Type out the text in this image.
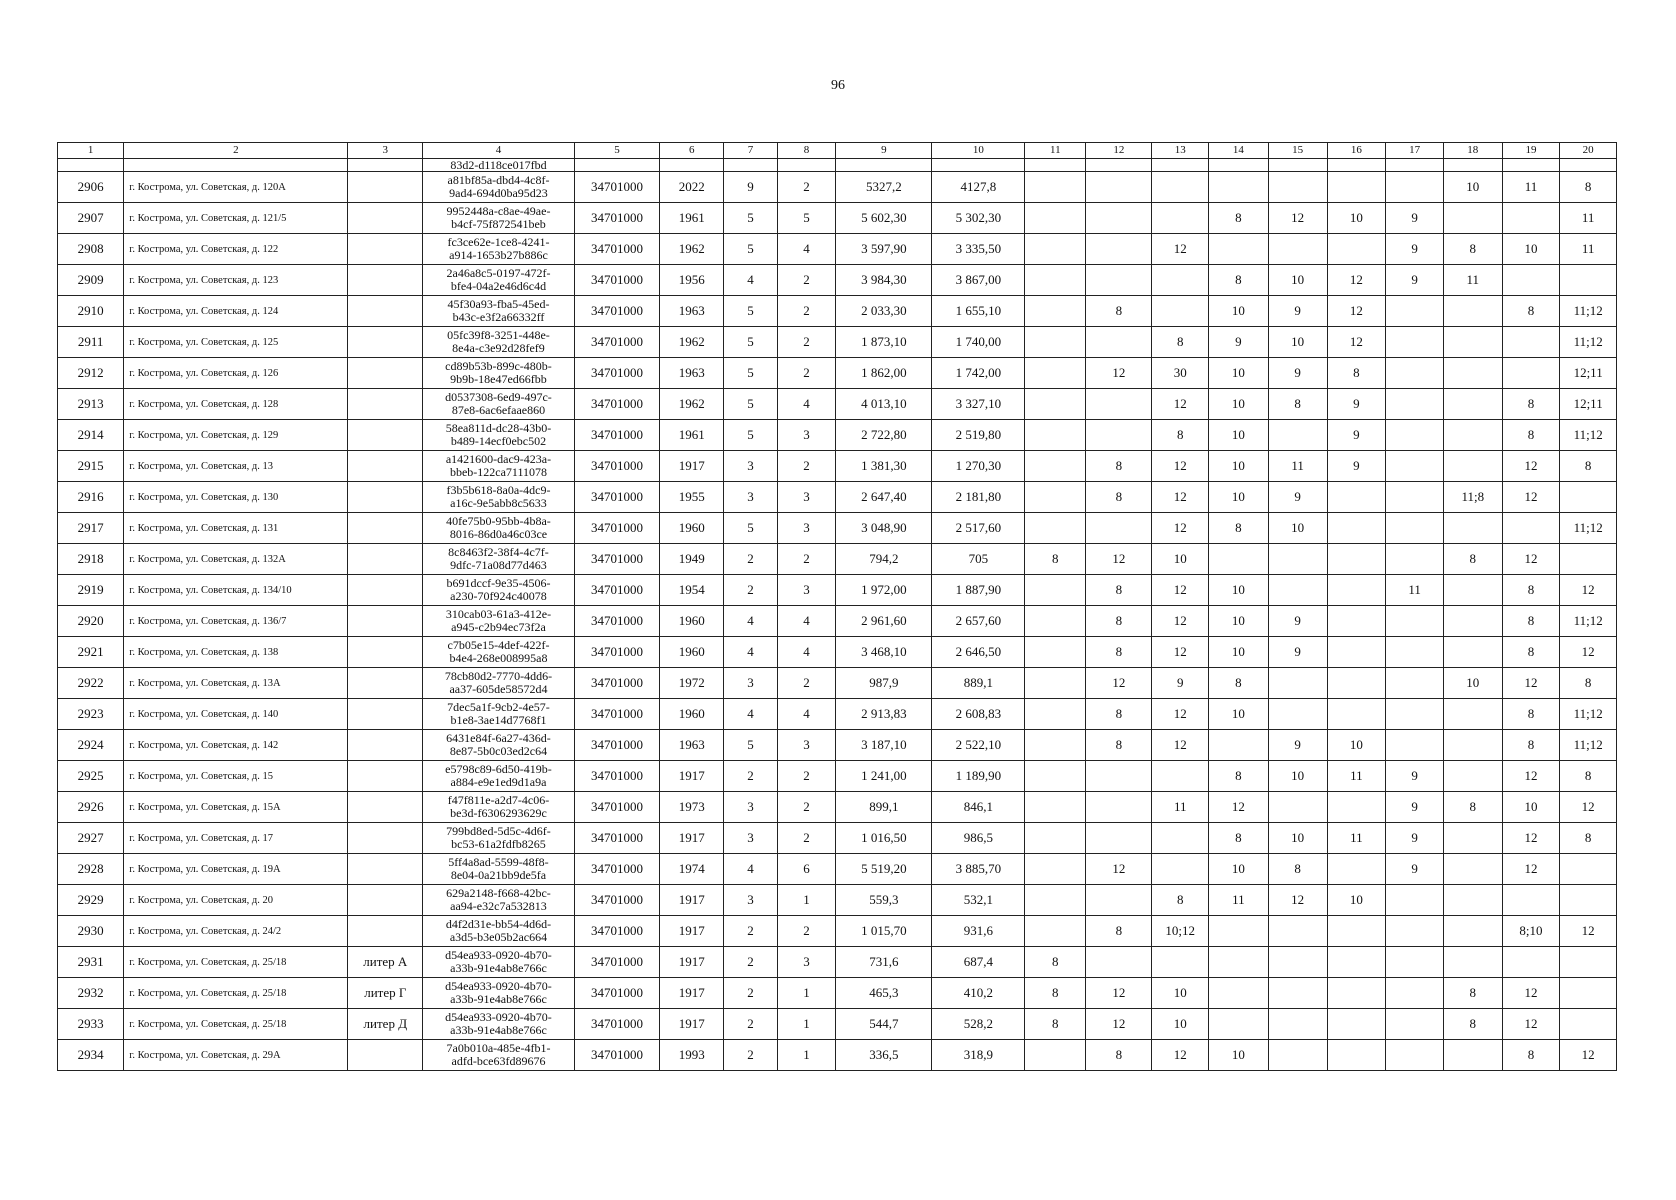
96
1	2	3	4	5	6	7	8	9	10	11	12	13	14	15	16	17	18	19	20
			83d2-d118ce017fbd																
2906	г. Кострома, ул. Советская, д. 120А		a81bf85a-dbd4-4c8f-
9ad4-694d0ba95d23	34701000	2022	9	2	5327,2	4127,8								10	11	8
2907	г. Кострома, ул. Советская, д. 121/5		9952448a-c8ae-49ae-
b4cf-75f872541beb	34701000	1961	5	5	5 602,30	5 302,30				8	12	10	9			11
2908	г. Кострома, ул. Советская, д. 122		fc3ce62e-1ce8-4241-
a914-1653b27b886c	34701000	1962	5	4	3 597,90	3 335,50			12				9	8	10	11
2909	г. Кострома, ул. Советская, д. 123		2a46a8c5-0197-472f-
bfe4-04a2e46d6c4d	34701000	1956	4	2	3 984,30	3 867,00				8	10	12	9	11		
2910	г. Кострома, ул. Советская, д. 124		45f30a93-fba5-45ed-
b43c-e3f2a66332ff	34701000	1963	5	2	2 033,30	1 655,10		8		10	9	12			8	11;12
2911	г. Кострома, ул. Советская, д. 125		05fc39f8-3251-448e-
8e4a-c3e92d28fef9	34701000	1962	5	2	1 873,10	1 740,00			8	9	10	12				11;12
2912	г. Кострома, ул. Советская, д. 126		cd89b53b-899c-480b-
9b9b-18e47ed66fbb	34701000	1963	5	2	1 862,00	1 742,00		12	30	10	9	8				12;11
2913	г. Кострома, ул. Советская, д. 128		d0537308-6ed9-497c-
87e8-6ac6efaae860	34701000	1962	5	4	4 013,10	3 327,10			12	10	8	9			8	12;11
2914	г. Кострома, ул. Советская, д. 129		58ea811d-dc28-43b0-
b489-14ecf0ebc502	34701000	1961	5	3	2 722,80	2 519,80			8	10		9			8	11;12
2915	г. Кострома, ул. Советская, д. 13		a1421600-dac9-423a-
bbeb-122ca7111078	34701000	1917	3	2	1 381,30	1 270,30		8	12	10	11	9			12	8
2916	г. Кострома, ул. Советская, д. 130		f3b5b618-8a0a-4dc9-
a16c-9e5abb8c5633	34701000	1955	3	3	2 647,40	2 181,80		8	12	10	9			11;8	12	
2917	г. Кострома, ул. Советская, д. 131		40fe75b0-95bb-4b8a-
8016-86d0a46c03ce	34701000	1960	5	3	3 048,90	2 517,60			12	8	10					11;12
2918	г. Кострома, ул. Советская, д. 132А		8c8463f2-38f4-4c7f-
9dfc-71a08d77d463	34701000	1949	2	2	794,2	705	8	12	10					8	12	
2919	г. Кострома, ул. Советская, д. 134/10		b691dccf-9e35-4506-
a230-70f924c40078	34701000	1954	2	3	1 972,00	1 887,90		8	12	10			11		8	12
2920	г. Кострома, ул. Советская, д. 136/7		310cab03-61a3-412e-
a945-c2b94ec73f2a	34701000	1960	4	4	2 961,60	2 657,60		8	12	10	9				8	11;12
2921	г. Кострома, ул. Советская, д. 138		c7b05e15-4def-422f-
b4e4-268e008995a8	34701000	1960	4	4	3 468,10	2 646,50		8	12	10	9				8	12
2922	г. Кострома, ул. Советская, д. 13А		78cb80d2-7770-4dd6-
aa37-605de58572d4	34701000	1972	3	2	987,9	889,1		12	9	8				10	12	8
2923	г. Кострома, ул. Советская, д. 140		7dec5a1f-9cb2-4e57-
b1e8-3ae14d7768f1	34701000	1960	4	4	2 913,83	2 608,83		8	12	10					8	11;12
2924	г. Кострома, ул. Советская, д. 142		6431e84f-6a27-436d-
8e87-5b0c03ed2c64	34701000	1963	5	3	3 187,10	2 522,10		8	12		9	10			8	11;12
2925	г. Кострома, ул. Советская, д. 15		e5798c89-6d50-419b-
a884-e9e1ed9d1a9a	34701000	1917	2	2	1 241,00	1 189,90				8	10	11	9		12	8
2926	г. Кострома, ул. Советская, д. 15А		f47f811e-a2d7-4c06-
be3d-f6306293629c	34701000	1973	3	2	899,1	846,1			11	12			9	8	10	12
2927	г. Кострома, ул. Советская, д. 17		799bd8ed-5d5c-4d6f-
bc53-61a2fdfb8265	34701000	1917	3	2	1 016,50	986,5				8	10	11	9		12	8
2928	г. Кострома, ул. Советская, д. 19А		5ff4a8ad-5599-48f8-
8e04-0a21bb9de5fa	34701000	1974	4	6	5 519,20	3 885,70		12		10	8		9		12	
2929	г. Кострома, ул. Советская, д. 20		629a2148-f668-42bc-
aa94-e32c7a532813	34701000	1917	3	1	559,3	532,1			8	11	12	10				
2930	г. Кострома, ул. Советская, д. 24/2		d4f2d31e-bb54-4d6d-
a3d5-b3e05b2ac664	34701000	1917	2	2	1 015,70	931,6		8	10;12						8;10	12
2931	г. Кострома, ул. Советская, д. 25/18	литер А	d54ea933-0920-4b70-
a33b-91e4ab8e766c	34701000	1917	2	3	731,6	687,4	8									
2932	г. Кострома, ул. Советская, д. 25/18	литер Г	d54ea933-0920-4b70-
a33b-91e4ab8e766c	34701000	1917	2	1	465,3	410,2	8	12	10					8	12	
2933	г. Кострома, ул. Советская, д. 25/18	литер Д	d54ea933-0920-4b70-
a33b-91e4ab8e766c	34701000	1917	2	1	544,7	528,2	8	12	10					8	12	
2934	г. Кострома, ул. Советская, д. 29А		7a0b010a-485e-4fb1-
adfd-bce63fd89676	34701000	1993	2	1	336,5	318,9		8	12	10					8	12
